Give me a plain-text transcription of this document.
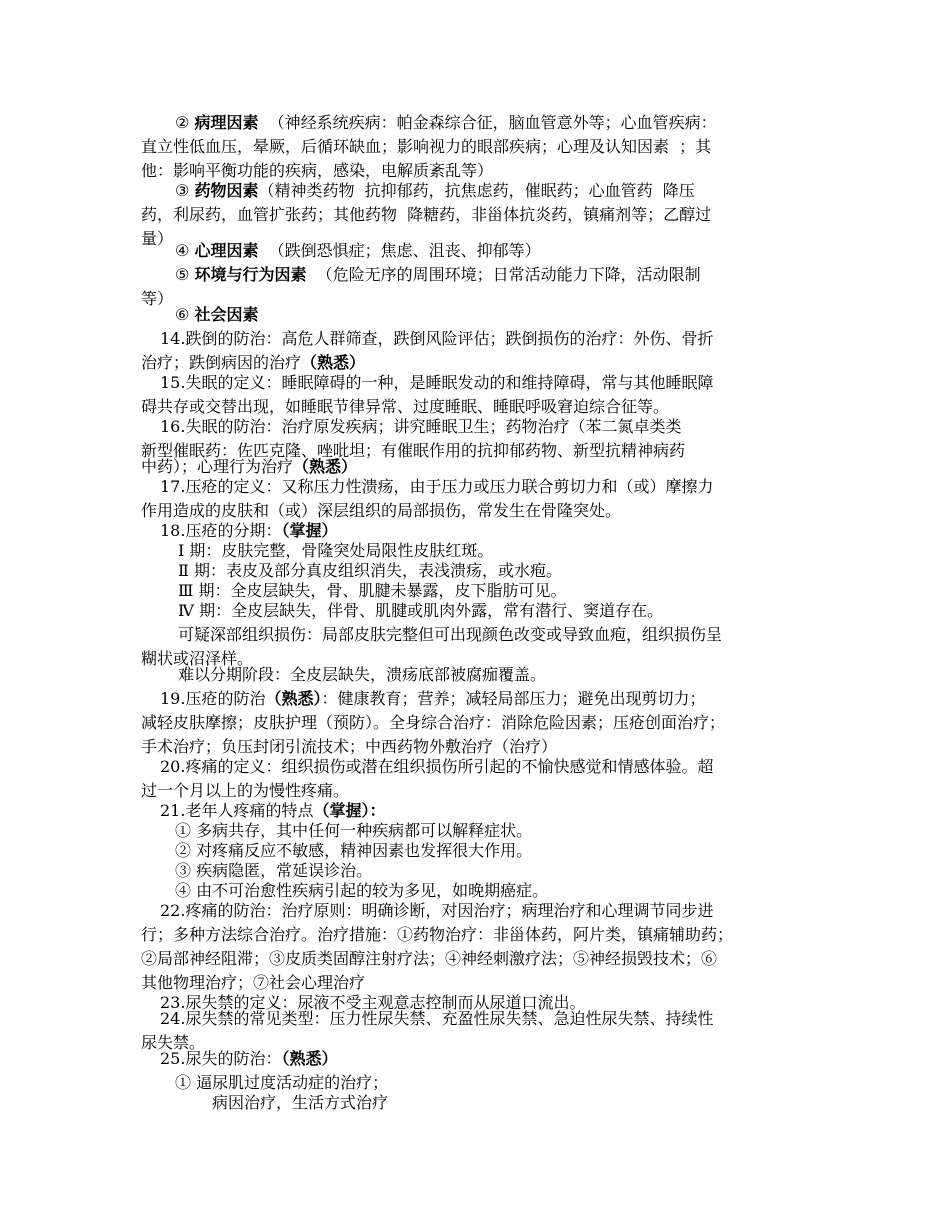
② 病理因素  （神经系统疾病：帕金森综合征，脑血管意外等；心血管疾病：
直立性低血压，晕厥，后循环缺血；影响视力的眼部疾病；心理及认知因素  ；其
他：影响平衡功能的疾病，感染，电解质紊乱等）
③ 药物因素（精神类药物  抗抑郁药，抗焦虑药，催眠药；心血管药  降压
药，利尿药，血管扩张药；其他药物  降糖药，非甾体抗炎药，镇痛剂等；乙醇过
量）
④ 心理因素  （跌倒恐惧症；焦虑、沮丧、抑郁等）
⑤ 环境与行为因素  （危险无序的周围环境；日常活动能力下降，活动限制
等）
⑥ 社会因素
14.跌倒的防治：高危人群筛查，跌倒风险评估；跌倒损伤的治疗：外伤、骨折
治疗；跌倒病因的治疗（熟悉）
15.失眠的定义：睡眠障碍的一种，是睡眠发动的和维持障碍，常与其他睡眠障
碍共存或交替出现，如睡眠节律异常、过度睡眠、睡眠呼吸窘迫综合征等。
16.失眠的防治：治疗原发疾病；讲究睡眠卫生；药物治疗（苯二氮卓类类
新型催眠药：佐匹克隆、唑吡坦；有催眠作用的抗抑郁药物、新型抗精神病药
中药）；心理行为治疗（熟悉）
17.压疮的定义：又称压力性溃疡，由于压力或压力联合剪切力和（或）摩擦力
作用造成的皮肤和（或）深层组织的局部损伤，常发生在骨隆突处。
18.压疮的分期：（掌握）
Ⅰ 期：皮肤完整，骨隆突处局限性皮肤红斑。
Ⅱ 期：表皮及部分真皮组织消失，表浅溃疡，或水疱。
Ⅲ 期：全皮层缺失，骨、肌腱未暴露，皮下脂肪可见。
Ⅳ 期：全皮层缺失，伴骨、肌腱或肌肉外露，常有潜行、窦道存在。
可疑深部组织损伤：局部皮肤完整但可出现颜色改变或导致血疱，组织损伤呈
糊状或沼泽样。
难以分期阶段：全皮层缺失，溃疡底部被腐痂覆盖。
19.压疮的防治（熟悉）：健康教育；营养；减轻局部压力；避免出现剪切力；
减轻皮肤摩擦；皮肤护理（预防）。全身综合治疗：消除危险因素；压疮创面治疗；
手术治疗；负压封闭引流技术；中西药物外敷治疗（治疗）
20.疼痛的定义：组织损伤或潜在组织损伤所引起的不愉快感觉和情感体验。超
过一个月以上的为慢性疼痛。
21.老年人疼痛的特点（掌握）：
① 多病共存，其中任何一种疾病都可以解释症状。
② 对疼痛反应不敏感，精神因素也发挥很大作用。
③ 疾病隐匿，常延误诊治。
④ 由不可治愈性疾病引起的较为多见，如晚期癌症。
22.疼痛的防治：治疗原则：明确诊断，对因治疗；病理治疗和心理调节同步进
行；多种方法综合治疗。治疗措施：①药物治疗：非甾体药，阿片类，镇痛辅助药；
②局部神经阻滞；③皮质类固醇注射疗法；④神经刺激疗法；⑤神经损毁技术；⑥
其他物理治疗；⑦社会心理治疗
23.尿失禁的定义：尿液不受主观意志控制而从尿道口流出。
24.尿失禁的常见类型：压力性尿失禁、充盈性尿失禁、急迫性尿失禁、持续性
尿失禁。
25.尿失的防治：（熟悉）
① 逼尿肌过度活动症的治疗；
病因治疗，生活方式治疗
